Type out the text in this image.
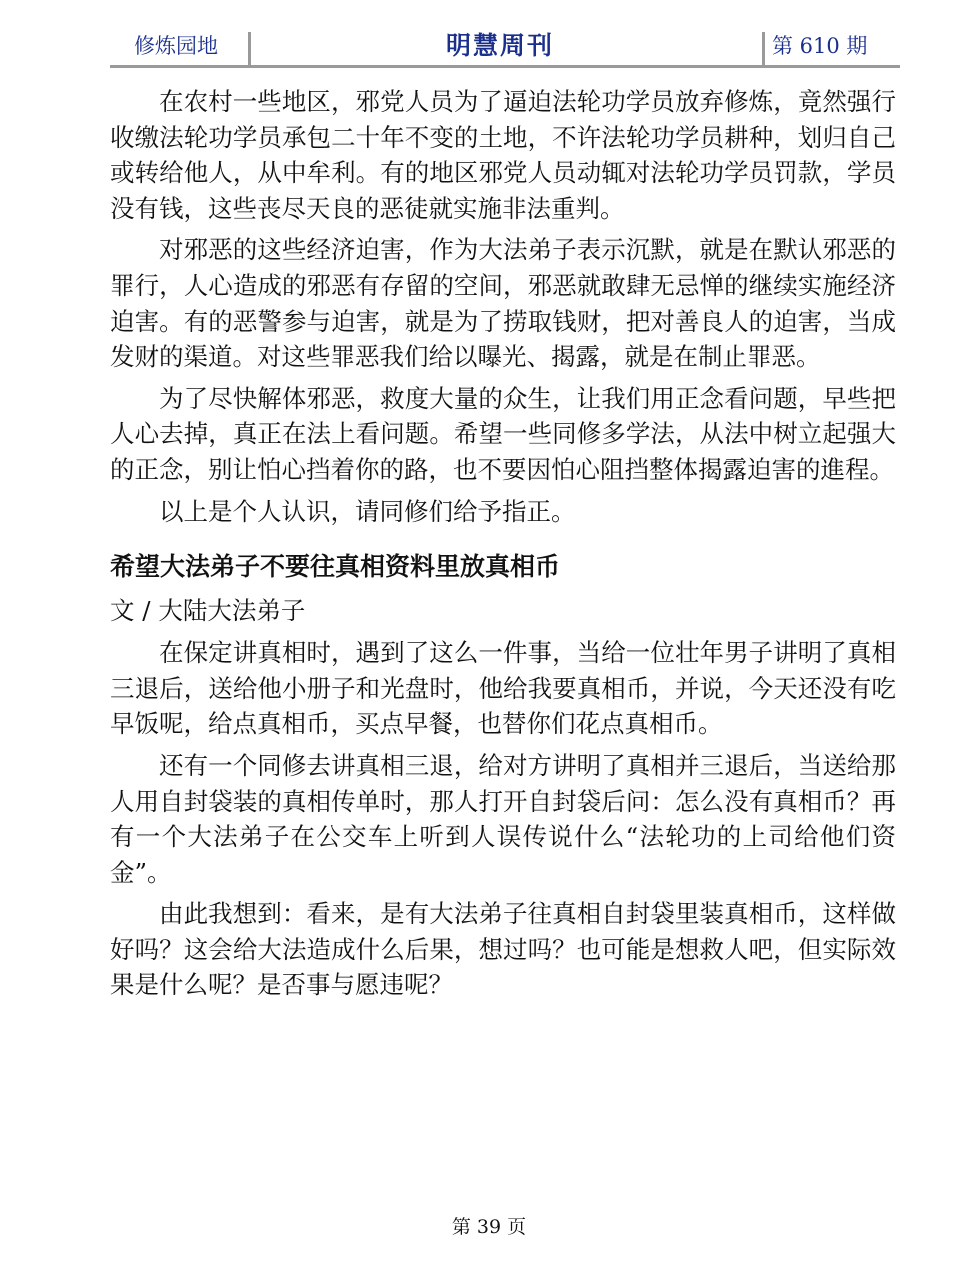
修炼园地	明慧周刊	第 610 期

在农村一些地区，邪党人员为了逼迫法轮功学员放弃修炼，竟然强行收缴法轮功学员承包二十年不变的土地，不许法轮功学员耕种，划归自己或转给他人，从中牟利。有的地区邪党人员动辄对法轮功学员罚款，学员没有钱，这些丧尽天良的恶徒就实施非法重判。

对邪恶的这些经济迫害，作为大法弟子表示沉默，就是在默认邪恶的罪行，人心造成的邪恶有存留的空间，邪恶就敢肆无忌惮的继续实施经济迫害。有的恶警参与迫害，就是为了捞取钱财，把对善良人的迫害，当成发财的渠道。对这些罪恶我们给以曝光、揭露，就是在制止罪恶。

为了尽快解体邪恶，救度大量的众生，让我们用正念看问题，早些把人心去掉，真正在法上看问题。希望一些同修多学法，从法中树立起强大的正念，别让怕心挡着你的路，也不要因怕心阻挡整体揭露迫害的進程。

以上是个人认识，请同修们给予指正。

希望大法弟子不要往真相资料里放真相币

文 / 大陆大法弟子

在保定讲真相时，遇到了这么一件事，当给一位壮年男子讲明了真相三退后，送给他小册子和光盘时，他给我要真相币，并说，今天还没有吃早饭呢，给点真相币，买点早餐，也替你们花点真相币。

还有一个同修去讲真相三退，给对方讲明了真相并三退后，当送给那人用自封袋装的真相传单时，那人打开自封袋后问：怎么没有真相币？再有一个大法弟子在公交车上听到人误传说什么“法轮功的上司给他们资金”。

由此我想到：看来，是有大法弟子往真相自封袋里装真相币，这样做好吗？这会给大法造成什么后果，想过吗？也可能是想救人吧，但实际效果是什么呢？是否事与愿违呢？

第 39 页
